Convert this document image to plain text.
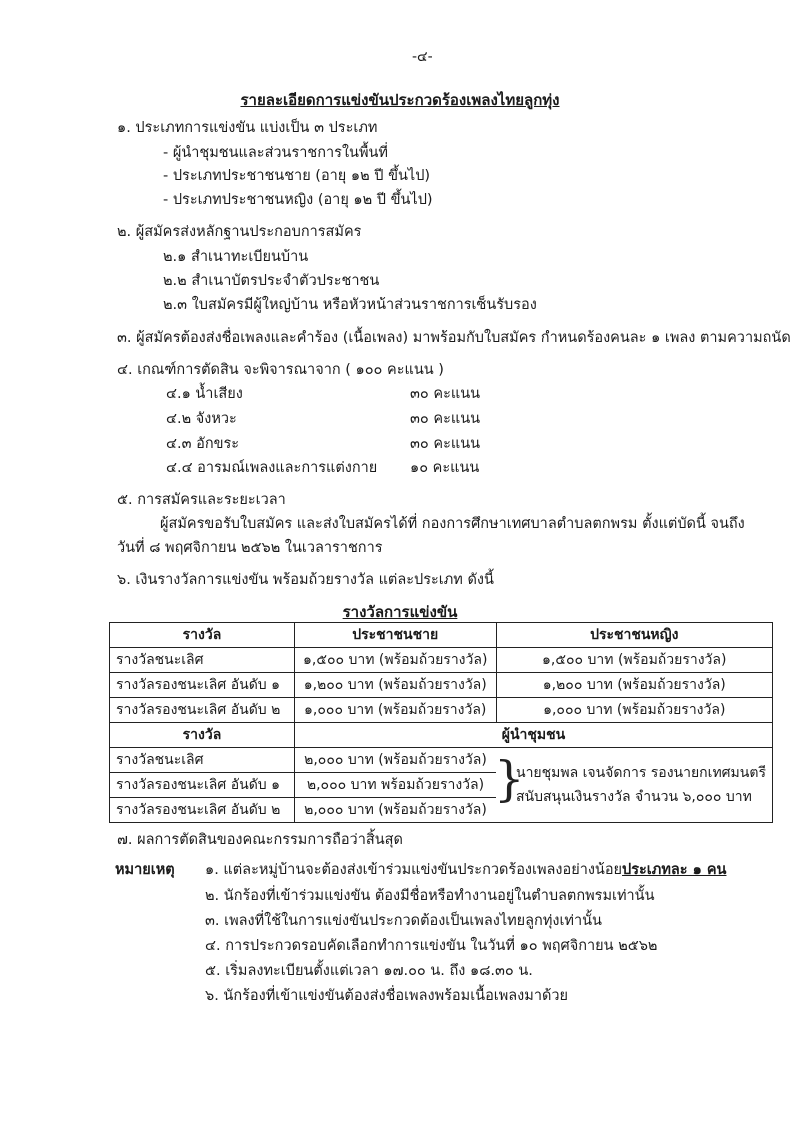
-๔-
รายละเอียดการแข่งขันประกวดร้องเพลงไทยลูกทุ่ง
๑. ประเภทการแข่งขัน แบ่งเป็น ๓ ประเภท
- ผู้นำชุมชนและส่วนราชการในพื้นที่
- ประเภทประชาชนชาย (อายุ ๑๒ ปี ขึ้นไป)
- ประเภทประชาชนหญิง (อายุ ๑๒ ปี ขึ้นไป)
๒. ผู้สมัครส่งหลักฐานประกอบการสมัคร
๒.๑ สำเนาทะเบียนบ้าน
๒.๒ สำเนาบัตรประจำตัวประชาชน
๒.๓ ใบสมัครมีผู้ใหญ่บ้าน หรือหัวหน้าส่วนราชการเซ็นรับรอง
๓. ผู้สมัครต้องส่งชื่อเพลงและคำร้อง (เนื้อเพลง) มาพร้อมกับใบสมัคร กำหนดร้องคนละ ๑ เพลง ตามความถนัด
๔. เกณฑ์การตัดสิน จะพิจารณาจาก ( ๑๐๐ คะแนน )
๔.๑ น้ำเสียง	๓๐ คะแนน
๔.๒ จังหวะ	๓๐ คะแนน
๔.๓ อักขระ	๓๐ คะแนน
๔.๔ อารมณ์เพลงและการแต่งกาย ๑๐ คะแนน
๕. การสมัครและระยะเวลา
ผู้สมัครขอรับใบสมัคร และส่งใบสมัครได้ที่ กองการศึกษาเทศบาลตำบลตกพรม ตั้งแต่บัดนี้ จนถึง
วันที่ ๘ พฤศจิกายน ๒๕๖๒ ในเวลาราชการ
๖. เงินรางวัลการแข่งขัน พร้อมถ้วยรางวัล แต่ละประเภท ดังนี้
รางวัลการแข่งขัน
รางวัล	ประชาชนชาย	ประชาชนหญิง
รางวัลชนะเลิศ	๑,๕๐๐ บาท (พร้อมถ้วยรางวัล)	๑,๕๐๐ บาท (พร้อมถ้วยรางวัล)
รางวัลรองชนะเลิศ อันดับ ๑	๑,๒๐๐ บาท (พร้อมถ้วยรางวัล)	๑,๒๐๐ บาท (พร้อมถ้วยรางวัล)
รางวัลรองชนะเลิศ อันดับ ๒	๑,๐๐๐ บาท (พร้อมถ้วยรางวัล)	๑,๐๐๐ บาท (พร้อมถ้วยรางวัล)
รางวัล	ผู้นำชุมชน	
รางวัลชนะเลิศ	๒,๐๐๐ บาท (พร้อมถ้วยรางวัล)	}
นายชุมพล เจนจัดการ รองนายกเทศมนตรี
สนับสนุนเงินรางวัล จำนวน ๖,๐๐๐ บาท

รางวัลรองชนะเลิศ อันดับ ๑	๒,๐๐๐ บาท พร้อมถ้วยรางวัล)	
รางวัลรองชนะเลิศ อันดับ ๒	๒,๐๐๐ บาท (พร้อมถ้วยรางวัล)	
๗. ผลการตัดสินของคณะกรรมการถือว่าสิ้นสุด
หมายเหตุ ๑. แต่ละหมู่บ้านจะต้องส่งเข้าร่วมแข่งขันประกวดร้องเพลงอย่างน้อยประเภทละ ๑ คน
๒. นักร้องที่เข้าร่วมแข่งขัน ต้องมีชื่อหรือทำงานอยู่ในตำบลตกพรมเท่านั้น
๓. เพลงที่ใช้ในการแข่งขันประกวดต้องเป็นเพลงไทยลูกทุ่งเท่านั้น
๔. การประกวดรอบคัดเลือกทำการแข่งขัน ในวันที่ ๑๐ พฤศจิกายน ๒๕๖๒
๕. เริ่มลงทะเบียนตั้งแต่เวลา ๑๗.๐๐ น. ถึง ๑๘.๓๐ น.
๖. นักร้องที่เข้าแข่งขันต้องส่งชื่อเพลงพร้อมเนื้อเพลงมาด้วย
